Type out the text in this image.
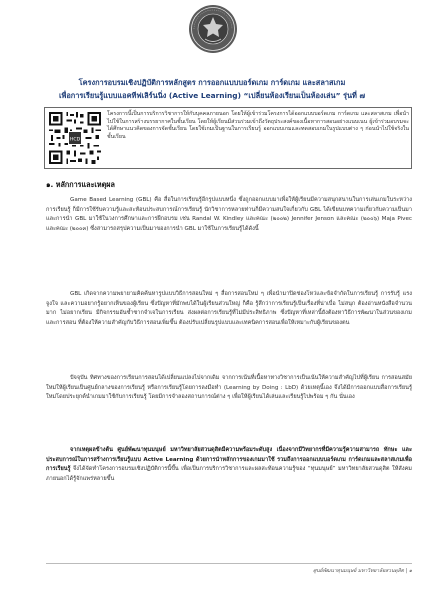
โครงการอบรมเชิงปฏิบัติการหลักสูตร การออกแบบบอร์ดเกม การ์ดเกม และสลาสเกม
เพื่อการเรียนรู้แบบแอคทีฟเลิร์นนิ่ง (Active Learning) “เปลี่ยนห้องเรียนเป็นห้องเล่น” รุ่นที่ ๗
HCD
โครงการนี้เป็นการบริการวิชาการให้กับบุคคลภายนอก โดยให้ผู้เข้าร่วมโครงการได้ออกแบบบอร์ดเกม การ์ดเกม และสลาสเกม เพื่อนำไปใช้ในการสร้างบรรยากาศในชั้นเรียน โดยให้ผู้เรียนมีส่วนร่วมเข้าถึงวัตถุประสงค์ของเนื้อหาการสอนอย่างแนบเนน ผู้เข้าร่วมอบรมจะได้ศึกษาแนวคิดของการจัดชั้นเรียน โดยใช้เกมเป็นฐานในการเรียนรู้ ออกแบบเกมและทดสอบเกมในรูปแบบต่าง ๆ ก่อนนำไปใช้จริงในชั้นเรียน
๑. หลักการและเหตุผล
Game Based Learning (GBL) คือ สื่อในการเรียนรู้อีกรูปแบบหนึ่ง ซึ่งถูกออกแบบมาเพื่อให้ผู้เรียนมีความสนุกสนานในการเล่นเกมในระหว่างการเรียนรู้ ก็มีการใช้รับความรู้และสะท้อนประสบการณ์การเรียนรู้ นักวิชาการหลายท่านก็มีความสนใจเกี่ยวกับ GBL ได้เขียนบทความเกี่ยวกับความเป็นมาและการนำ GBL มาใช้ในวงการศึกษาและการฝึกอบรม เช่น Randal W. Kindley และคณะ (๒๐๐๒) Jennifer Jenson และคณะ (๒๐๐๖) Maja Pivec และคณะ (๒๐๐๓) ซึ่งสามารถสรุปความเป็นมาของการนำ GBL มาใช้ในการเรียนรู้ได้ดังนี้
GBL เกิดจากความพยายามคิดค้นหารูปแบบวิธีการสอนใหม่ ๆ สื่อการสอนใหม่ ๆ เพื่อนำมาปิดช่องโหว่และข้อจำกัดในการเรียนรู้ การรับรู้ แรงจูงใจ และความอยากรู้อยากเห็นของผู้เรียน ซึ่งปัญหาที่มักพบได้ในผู้เรียนส่วนใหญ่ ก็คือ รู้สึกว่าการเรียนรู้เป็นเรื่องที่น่าเบื่อ ไม่สนุก ต้องอ่านหนังสือจำนวนมาก ไม่อยากเรียน มีกิจกรรมอันซ้ำซากจำเจในการเรียน ส่งผลต่อการเรียนรู้ที่ไม่มีประสิทธิภาพ ซึ่งปัญหาที่เหล่านี้ยังต้องหาวิธีการพัฒนาในส่วนของเกมและการสอน ที่ต้องให้ความสำคัญกับวิธีการสอนเพิ่มขึ้น ต้องปรับเปลี่ยนรูปแบบและเทคนิคการสอนเพื่อให้เหมาะกับผู้เรียนของตน
ปัจจุบัน ทิศทางของการเรียนการสอนได้เปลี่ยนแปลงไปจากเดิม จากการเน้นที่เนื้อหาทางวิชาการเป็นเน้นให้ความสำคัญไปที่ผู้เรียน การสอนสมัยใหม่ให้ผู้เรียนเป็นศูนย์กลางของการเรียนรู้ หรือการเรียนรู้โดยการลงมือทำ (Learning by Doing : LbD) ด้วยเหตุนี้เอง จึงได้มีการออกแบบสื่อการเรียนรู้ใหม่โดยประยุกต์นำเกมมาใช้กับการเรียนรู้ โดยมีการจำลองสถานการณ์ต่าง ๆ เพื่อให้ผู้เรียนได้เล่นและเรียนรู้ไปพร้อม ๆ กัน นั่นเอง
จากเหตุผลข้างต้น ศูนย์พัฒนาทุนมนุษย์ มหาวิทยาลัยสวนดุสิตมีความพร้อมระดับสูง เนื่องจากมีวิทยากรที่มีความรู้ความสามารถ ทักษะ และประสบการณ์ในการสร้างการเรียนรู้แบบ Active Learning ด้วยการนำหลักการของเกมมาใช้ รวมถึงการออกแบบบอร์ดเกม การ์ดเกมและสลาสเกมเพื่อการเรียนรู้ จึงได้จัดทำโครงการอบรมเชิงปฏิบัติการนี้ขึ้น เพื่อเป็นการบริการวิชาการและผลสะท้อนความรู้ของ “ทุนมนุษย์” มหาวิทยาลัยสวนดุสิต ให้สังคมภายนอกได้รู้จักแพร่หลายขึ้น
ศูนย์พัฒนาทุนมนุษย์ มหาวิทยาลัยสวนดุสิต | ๑
